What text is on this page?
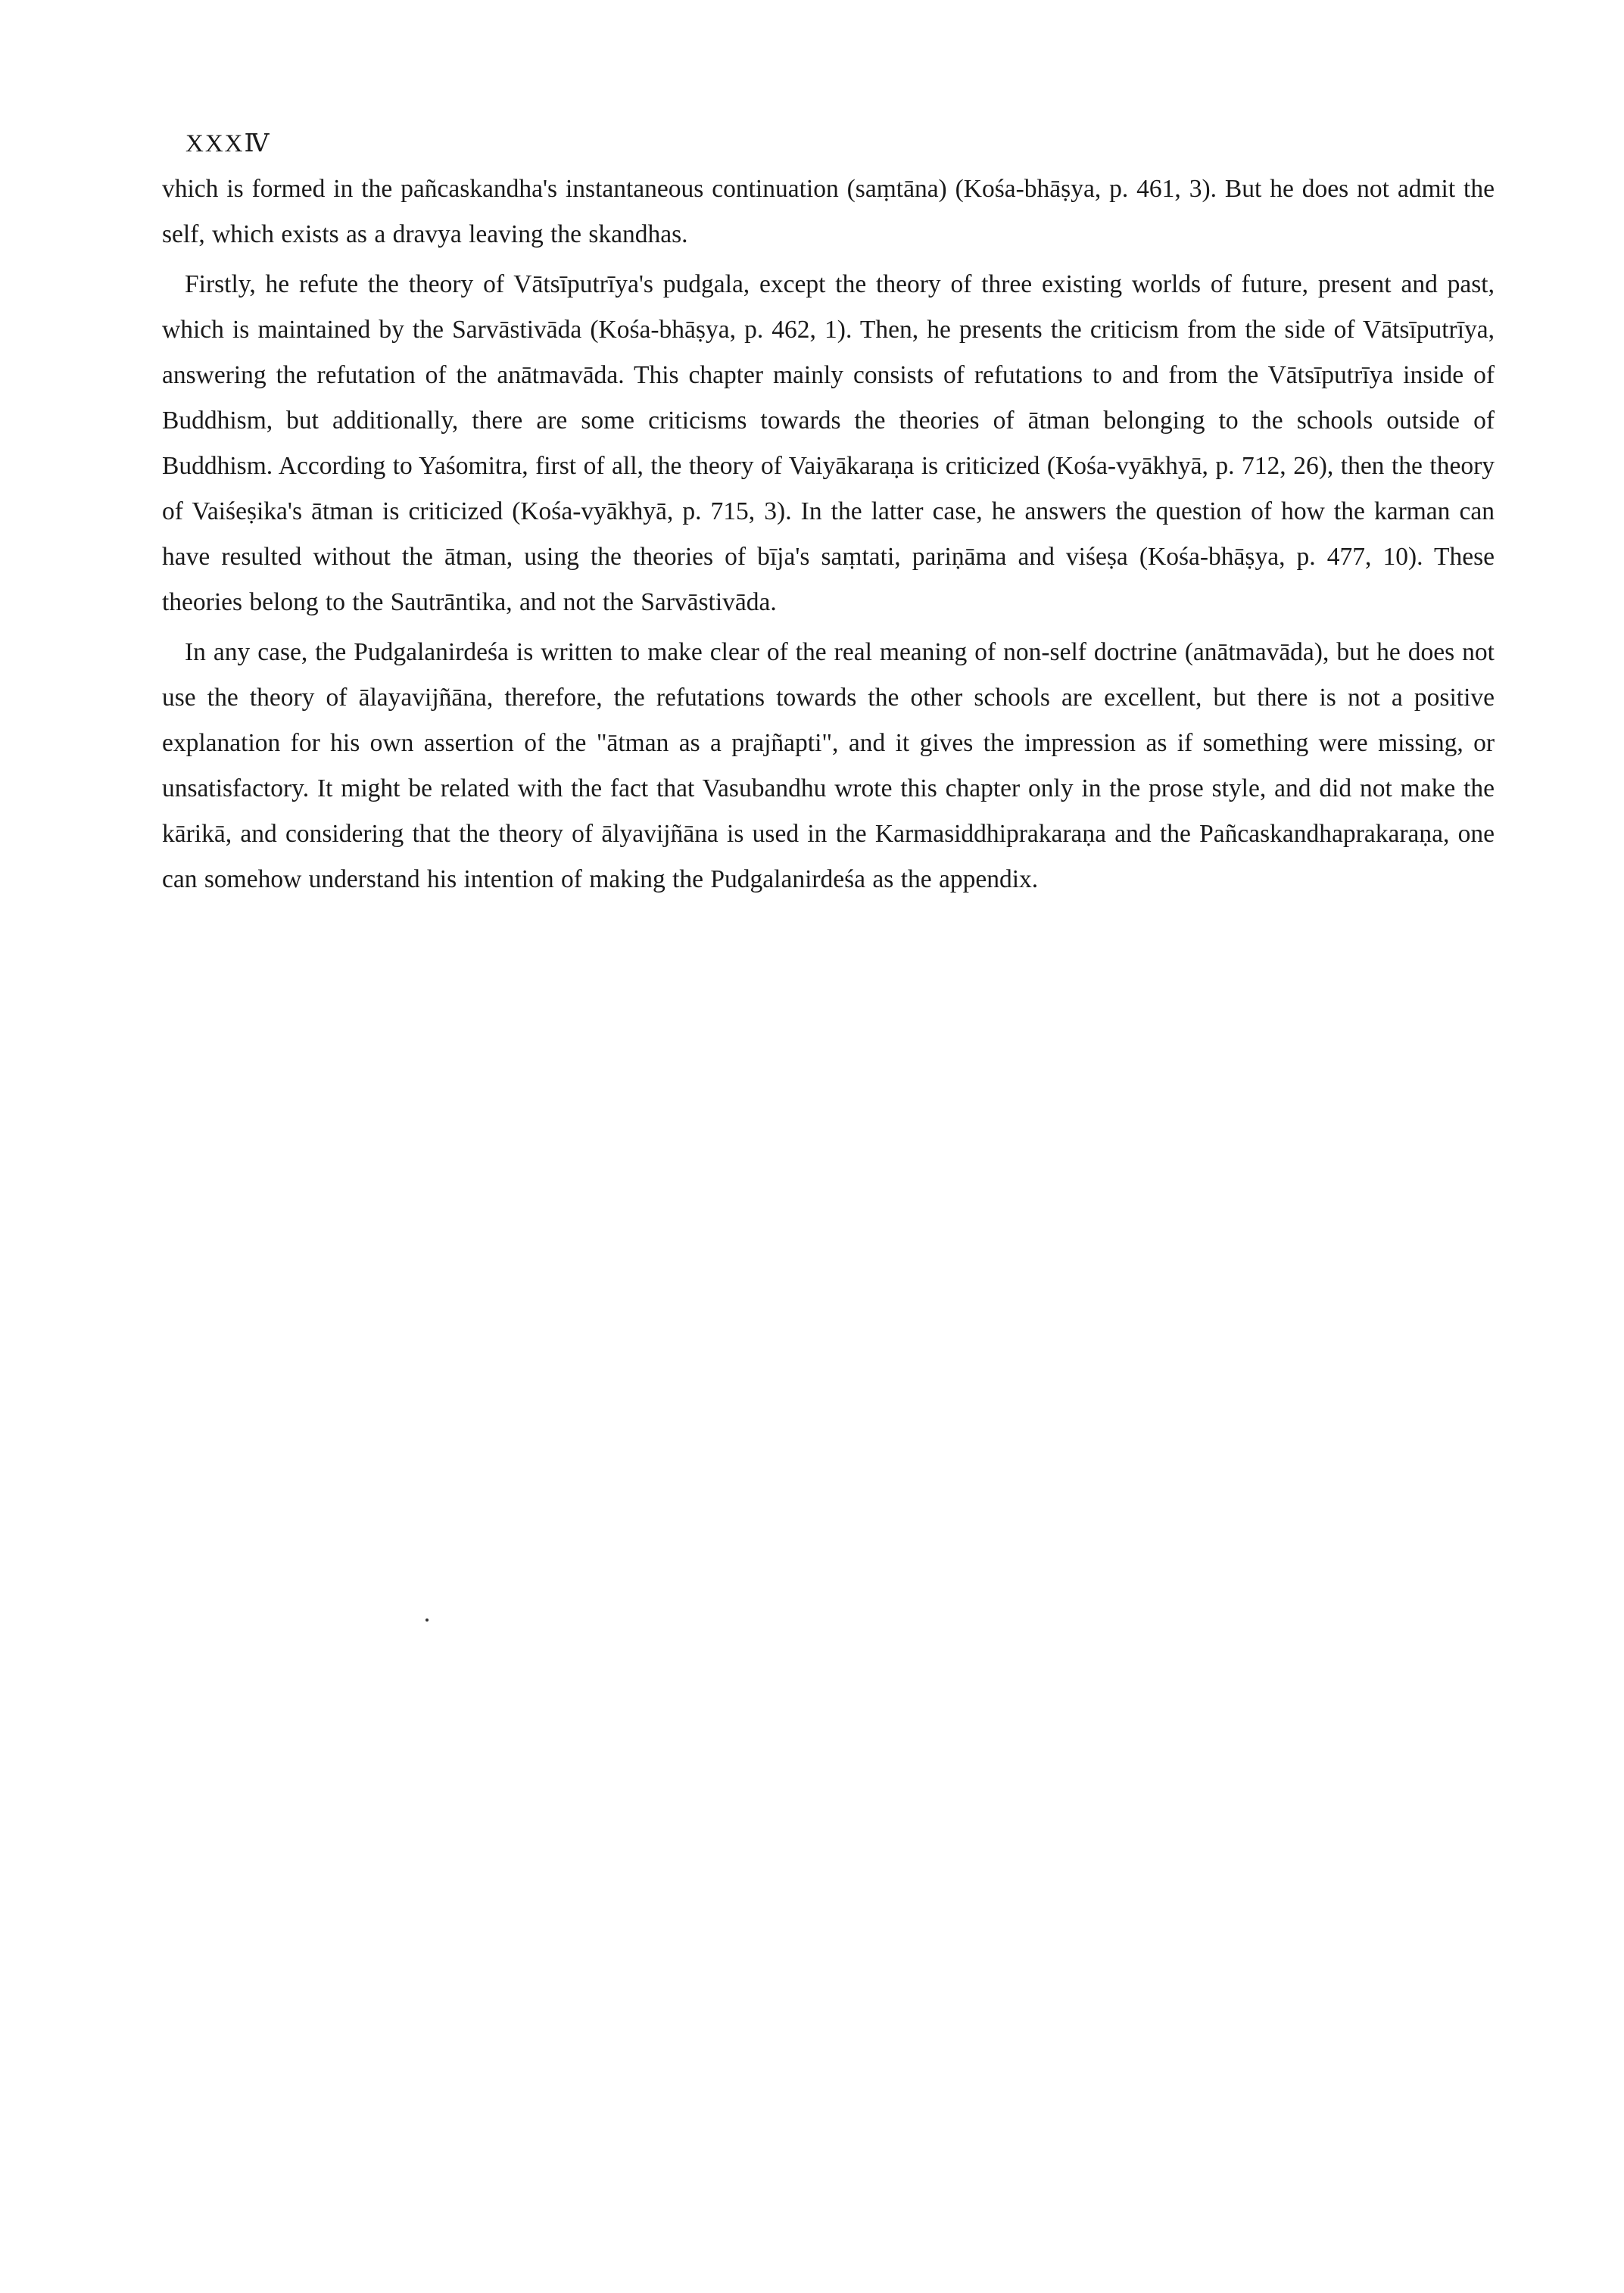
XXXⅣ

vhich is formed in the pañcaskandha's instantaneous continuation (saṃtāna) (Kośa-bhāṣya, p. 461, 3). But he does not admit the self, which exists as a dravya leaving the skandhas.

Firstly, he refute the theory of Vātsīputrīya's pudgala, except the theory of three existing worlds of future, present and past, which is maintained by the Sarvāstivāda (Kośa-bhāṣya, p. 462, 1). Then, he presents the criticism from the side of Vātsīputrīya, answering the refutation of the anātmavāda. This chapter mainly consists of refutations to and from the Vātsīputrīya inside of Buddhism, but additionally, there are some criticisms towards the theories of ātman belonging to the schools outside of Buddhism. According to Yaśomitra, first of all, the theory of Vaiyākaraṇa is criticized (Kośa-vyākhyā, p. 712, 26), then the theory of Vaiśeṣika's ātman is criticized (Kośa-vyākhyā, p. 715, 3). In the latter case, he answers the question of how the karman can have resulted without the ātman, using the theories of bīja's saṃtati, pariṇāma and viśeṣa (Kośa-bhāṣya, p. 477, 10). These theories belong to the Sautrāntika, and not the Sarvāstivāda.

In any case, the Pudgalanirdeśa is written to make clear of the real meaning of non-self doctrine (anātmavāda), but he does not use the theory of ālayavijñāna, therefore, the refutations towards the other schools are excellent, but there is not a positive explanation for his own assertion of the "ātman as a prajñapti", and it gives the impression as if something were missing, or unsatisfactory. It might be related with the fact that Vasubandhu wrote this chapter only in the prose style, and did not make the kārikā, and considering that the theory of ālyavijñāna is used in the Karmasiddhiprakaraṇa and the Pañcaskandhaprakaraṇa, one can somehow understand his intention of making the Pudgalanirdeśa as the appendix.
